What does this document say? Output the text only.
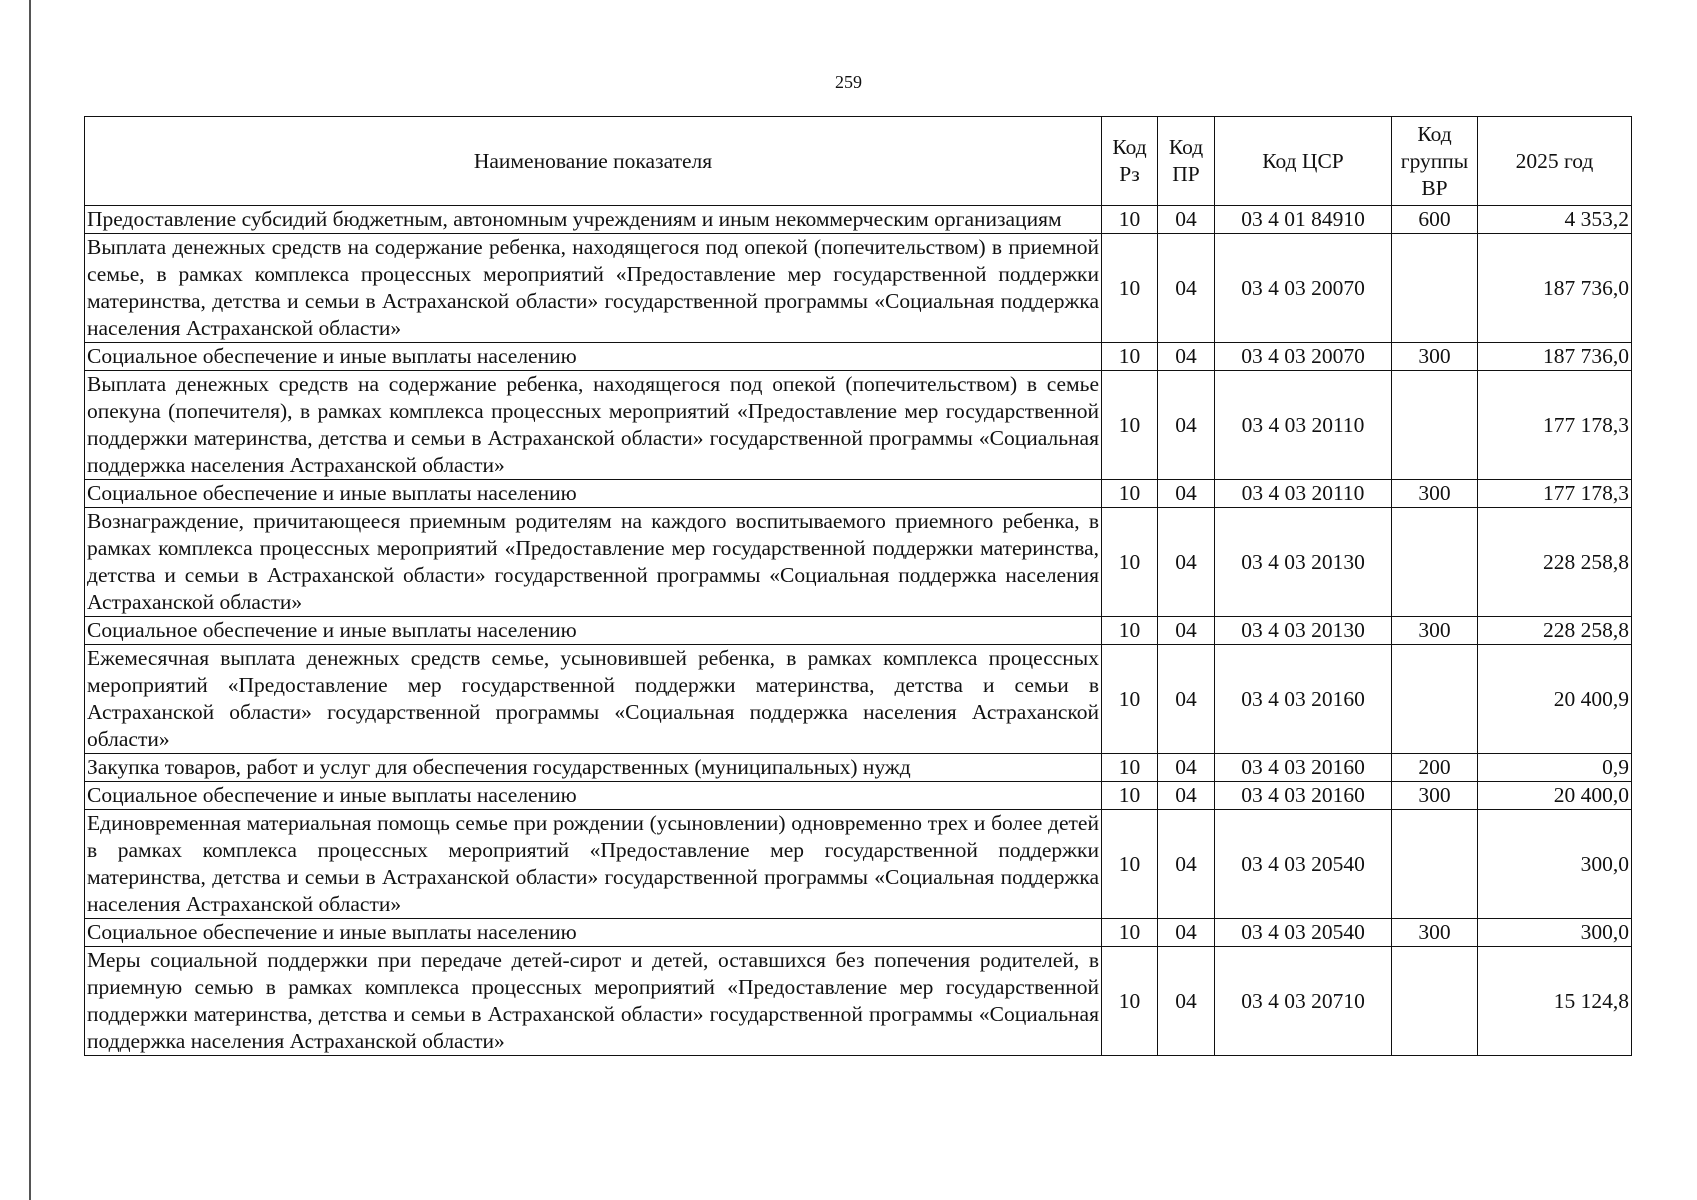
259
Наименование показателя	Код Рз	Код ПР	Код ЦСР	Код группы ВР	2025 год
Предоставление субсидий бюджетным, автономным учреждениям и иным некоммерческим организациям	10	04	03 4 01 84910	600	4 353,2
Выплата денежных средств на содержание ребенка, находящегося под опекой (попечительством) в приемной семье, в рамках комплекса процессных мероприятий «Предоставление мер государственной поддержки материнства, детства и семьи в Астраханской области» государственной программы «Социальная поддержка населения Астраханской области»	10	04	03 4 03 20070		187 736,0
Социальное обеспечение и иные выплаты населению	10	04	03 4 03 20070	300	187 736,0
Выплата денежных средств на содержание ребенка, находящегося под опекой (попечительством) в семье опекуна (попечителя), в рамках комплекса процессных мероприятий «Предоставление мер государственной поддержки материнства, детства и семьи в Астраханской области» государственной программы «Социальная поддержка населения Астраханской области»	10	04	03 4 03 20110		177 178,3
Социальное обеспечение и иные выплаты населению	10	04	03 4 03 20110	300	177 178,3
Вознаграждение, причитающееся приемным родителям на каждого воспитываемого приемного ребенка, в рамках комплекса процессных мероприятий «Предоставление мер государственной поддержки материнства, детства и семьи в Астраханской области» государственной программы «Социальная поддержка населения Астраханской области»	10	04	03 4 03 20130		228 258,8
Социальное обеспечение и иные выплаты населению	10	04	03 4 03 20130	300	228 258,8
Ежемесячная выплата денежных средств семье, усыновившей ребенка, в рамках комплекса процессных мероприятий «Предоставление мер государственной поддержки материнства, детства и семьи в Астраханской области» государственной программы «Социальная поддержка населения Астраханской области»	10	04	03 4 03 20160		20 400,9
Закупка товаров, работ и услуг для обеспечения государственных (муниципальных) нужд	10	04	03 4 03 20160	200	0,9
Социальное обеспечение и иные выплаты населению	10	04	03 4 03 20160	300	20 400,0
Единовременная материальная помощь семье при рождении (усыновлении) одновременно трех и более детей в рамках комплекса процессных мероприятий «Предоставление мер государственной поддержки материнства, детства и семьи в Астраханской области» государственной программы «Социальная поддержка населения Астраханской области»	10	04	03 4 03 20540		300,0
Социальное обеспечение и иные выплаты населению	10	04	03 4 03 20540	300	300,0
Меры социальной поддержки при передаче детей-сирот и детей, оставшихся без попечения родителей, в приемную семью в рамках комплекса процессных мероприятий «Предоставление мер государственной поддержки материнства, детства и семьи в Астраханской области» государственной программы «Социальная поддержка населения Астраханской области»	10	04	03 4 03 20710		15 124,8
